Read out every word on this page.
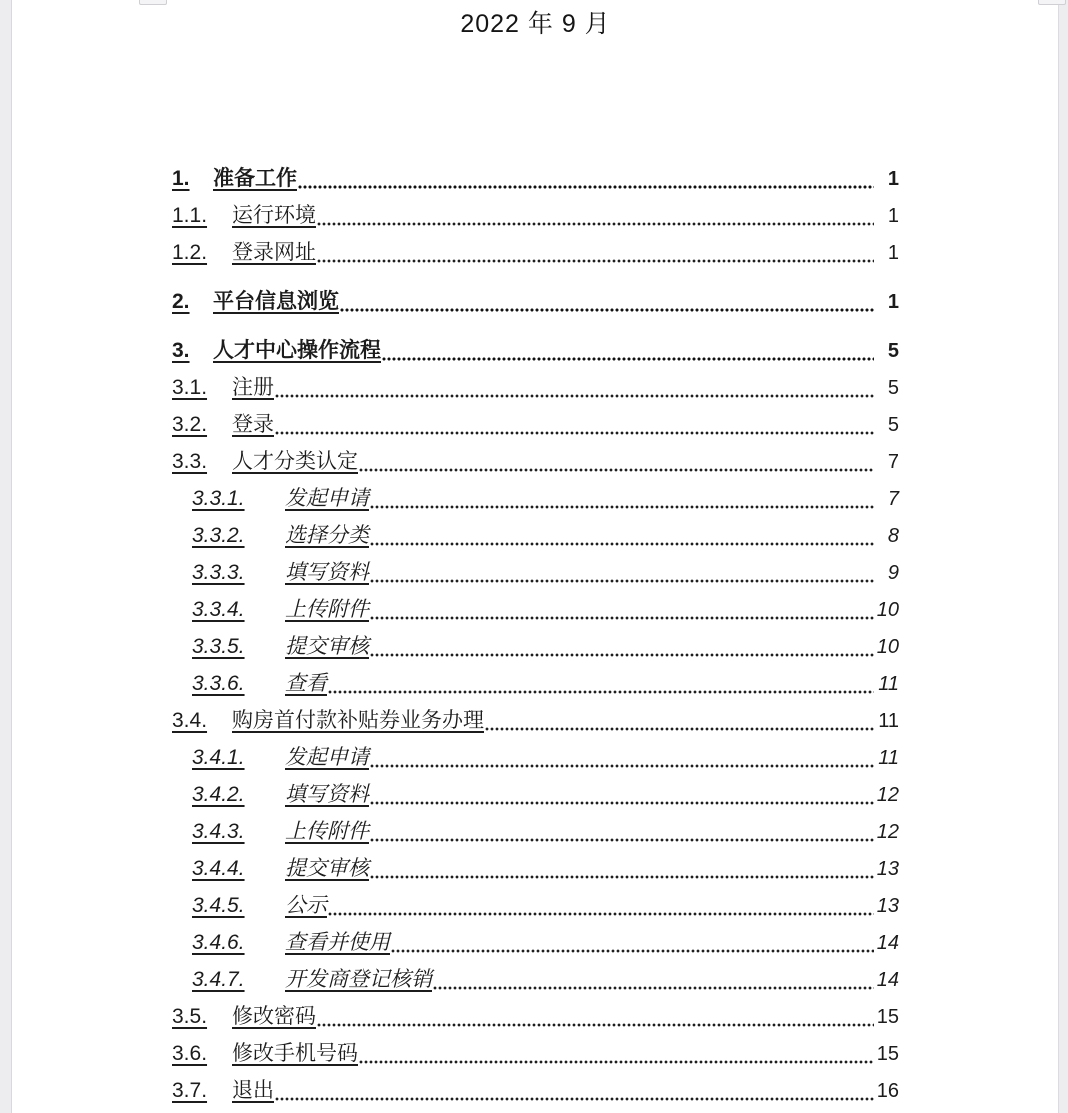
2022 年 9 月
1.	准备工作	1
1.1.	运行环境	1
1.2.	登录网址	1
2.	平台信息浏览	1
3.	人才中心操作流程	5
3.1.	注册	5
3.2.	登录	5
3.3.	人才分类认定	7
3.3.1.	发起申请	7
3.3.2.	选择分类	8
3.3.3.	填写资料	9
3.3.4.	上传附件	10
3.3.5.	提交审核	10
3.3.6.	查看	11
3.4.	购房首付款补贴券业务办理	11
3.4.1.	发起申请	11
3.4.2.	填写资料	12
3.4.3.	上传附件	12
3.4.4.	提交审核	13
3.4.5.	公示	13
3.4.6.	查看并使用	14
3.4.7.	开发商登记核销	14
3.5.	修改密码	15
3.6.	修改手机号码	15
3.7.	退出	16
